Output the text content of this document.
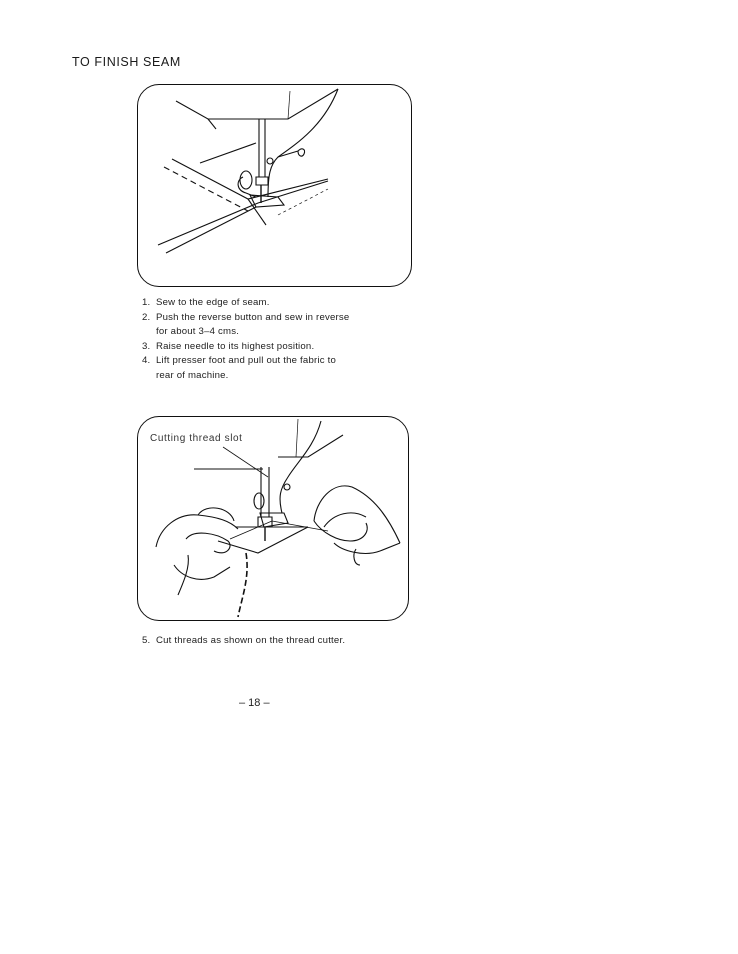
TO FINISH SEAM
1. Sew to the edge of seam.
2. Push the reverse button and sew in reverse
for about 3–4 cms.
3. Raise needle to its highest position.
4. Lift presser foot and pull out the fabric to
rear of machine.
Cutting thread slot
5. Cut threads as shown on the thread cutter.
– 18 –
